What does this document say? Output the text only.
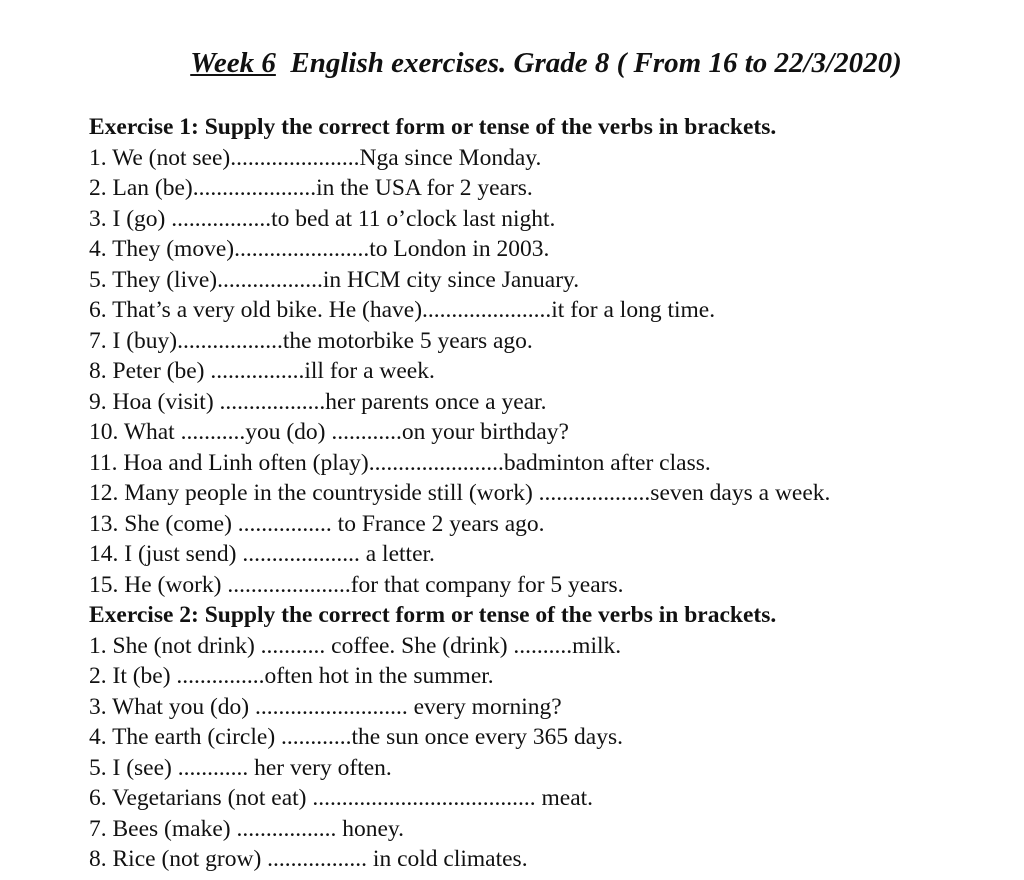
Week 6 English exercises. Grade 8 ( From 16 to 22/3/2020)
Exercise 1: Supply the correct form or tense of the verbs in brackets.
1. We (not see)......................Nga since Monday.
2. Lan (be).....................in the USA for 2 years.
3. I (go) .................to bed at 11 o’clock last night.
4. They (move).......................to London in 2003.
5. They (live)..................in HCM city since January.
6. That’s a very old bike. He (have)......................it for a long time.
7. I (buy)..................the motorbike 5 years ago.
8. Peter (be) ................ill for a week.
9. Hoa (visit) ..................her parents once a year.
10. What ...........you (do) ............on your birthday?
11. Hoa and Linh often (play).......................badminton after class.
12. Many people in the countryside still (work) ...................seven days a week.
13. She (come) ................ to France 2 years ago.
14. I (just send) .................... a letter.
15. He (work) .....................for that company for 5 years.
Exercise 2: Supply the correct form or tense of the verbs in brackets.
1. She (not drink) ........... coffee. She (drink) ..........milk.
2. It (be) ...............often hot in the summer.
3. What you (do) .......................... every morning?
4. The earth (circle) ............the sun once every 365 days.
5. I (see) ............ her very often.
6. Vegetarians (not eat) ...................................... meat.
7. Bees (make) ................. honey.
8. Rice (not grow) ................. in cold climates.
